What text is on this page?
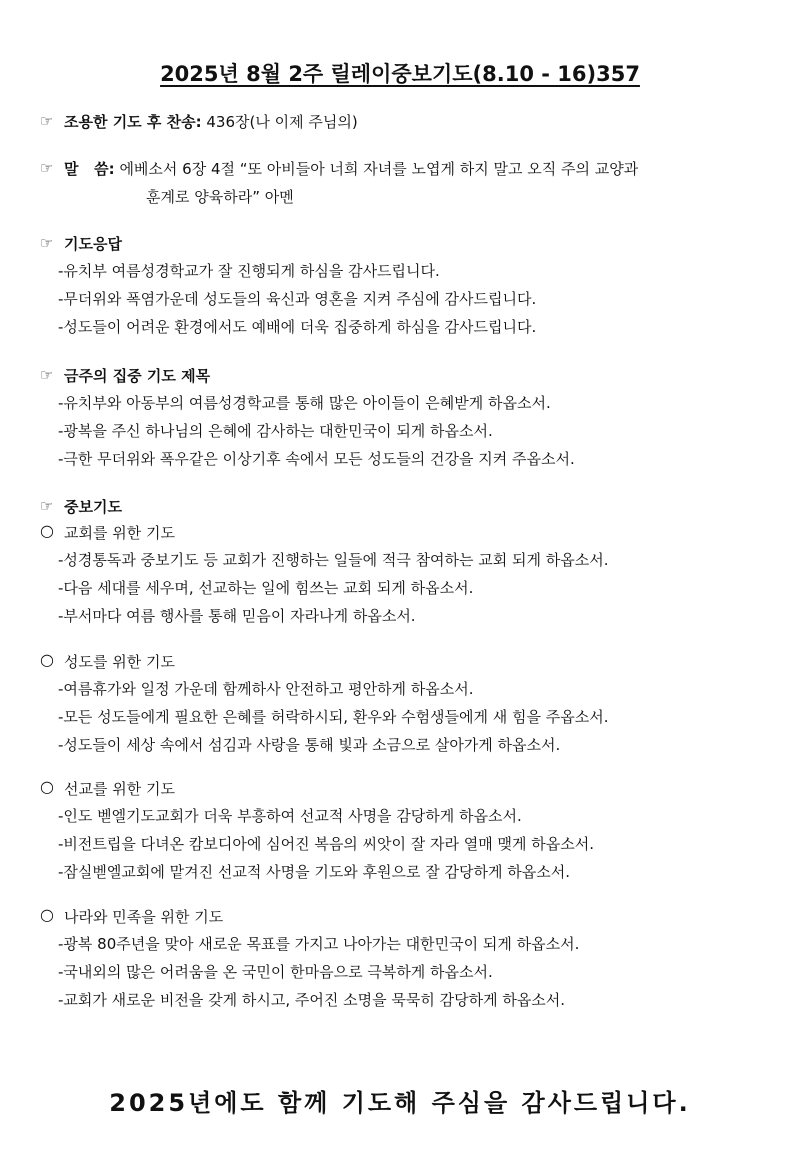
2025년 8월 2주 릴레이중보기도(8.10 - 16)357
☞ 조용한 기도 후 찬송: 436장(나 이제 주님의)
☞ 말   씀: 에베소서 6장 4절 “또 아비들아 너희 자녀를 노엽게 하지 말고 오직 주의 교양과
훈계로 양육하라” 아멘
☞ 기도응답
-유치부 여름성경학교가 잘 진행되게 하심을 감사드립니다.
-무더위와 폭염가운데 성도들의 육신과 영혼을 지켜 주심에 감사드립니다.
-성도들이 어려운 환경에서도 예배에 더욱 집중하게 하심을 감사드립니다.
☞ 금주의 집중 기도 제목
-유치부와 아동부의 여름성경학교를 통해 많은 아이들이 은혜받게 하옵소서.
-광복을 주신 하나님의 은혜에 감사하는 대한민국이 되게 하옵소서.
-극한 무더위와 폭우같은 이상기후 속에서 모든 성도들의 건강을 지켜 주옵소서.
☞ 중보기도
○ 교회를 위한 기도
-성경통독과 중보기도 등 교회가 진행하는 일들에 적극 참여하는 교회 되게 하옵소서.
-다음 세대를 세우며, 선교하는 일에 힘쓰는 교회 되게 하옵소서.
-부서마다 여름 행사를 통해 믿음이 자라나게 하옵소서.
○ 성도를 위한 기도
-여름휴가와 일정 가운데 함께하사 안전하고 평안하게 하옵소서.
-모든 성도들에게 필요한 은혜를 허락하시되, 환우와 수험생들에게 새 힘을 주옵소서.
-성도들이 세상 속에서 섬김과 사랑을 통해 빛과 소금으로 살아가게 하옵소서.
○ 선교를 위한 기도
-인도 벧엘기도교회가 더욱 부흥하여 선교적 사명을 감당하게 하옵소서.
-비전트립을 다녀온 캄보디아에 심어진 복음의 씨앗이 잘 자라 열매 맺게 하옵소서.
-잠실벧엘교회에 맡겨진 선교적 사명을 기도와 후원으로 잘 감당하게 하옵소서.
○ 나라와 민족을 위한 기도
-광복 80주년을 맞아 새로운 목표를 가지고 나아가는 대한민국이 되게 하옵소서.
-국내외의 많은 어려움을 온 국민이 한마음으로 극복하게 하옵소서.
-교회가 새로운 비전을 갖게 하시고, 주어진 소명을 묵묵히 감당하게 하옵소서.
2025년에도 함께 기도해 주심을 감사드립니다.
